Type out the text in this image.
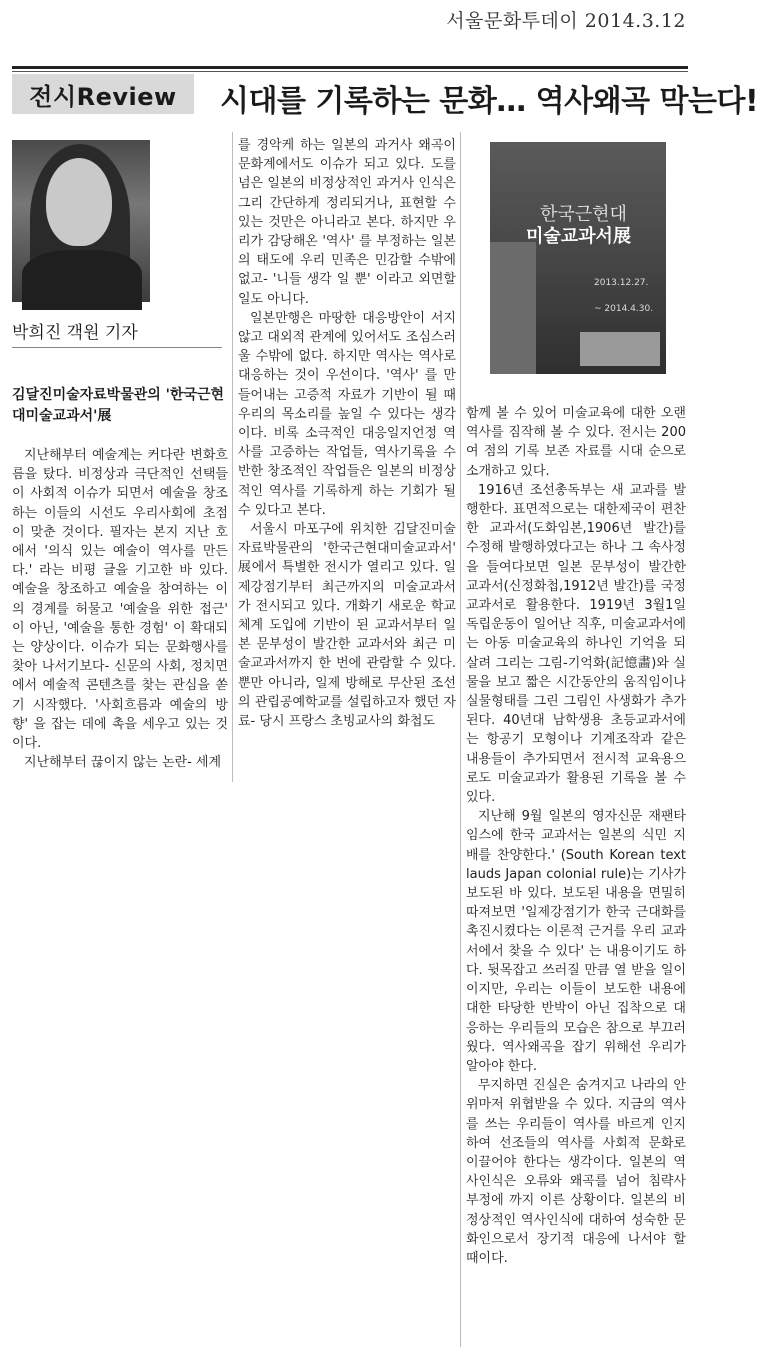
서울문화투데이 2014.3.12
전시Review	시대를 기록하는 문화… 역사왜곡 막는다!
박희진 객원 기자
김달진미술자료박물관의 '한국근현대미술교과서'展

지난해부터 예술계는 커다란 변화흐름을 탔다. 비정상과 극단적인 선택들이 사회적 이슈가 되면서 예술을 창조하는 이들의 시선도 우리사회에 초점이 맞춘 것이다. 필자는 본지 지난 호에서 '의식 있는 예술이 역사를 만든다.' 라는 비평 글을 기고한 바 있다. 예술을 창조하고 예술을 참여하는 이의 경계를 허물고 '예술을 위한 접근' 이 아닌, '예술을 통한 경험' 이 확대되는 양상이다. 이슈가 되는 문화행사를 찾아 나서기보다- 신문의 사회, 정치면에서 예술적 콘텐츠를 찾는 관심을 쏟기 시작했다. '사회흐름과 예술의 방향' 을 잡는 데에 촉을 세우고 있는 것이다.

지난해부터 끊이지 않는 논란- 세계

를 경악케 하는 일본의 과거사 왜곡이 문화계에서도 이슈가 되고 있다. 도를 넘은 일본의 비정상적인 과거사 인식은 그리 간단하게 정리되거나, 표현할 수 있는 것만은 아니라고 본다. 하지만 우리가 감당해온 '역사' 를 부정하는 일본의 태도에 우리 민족은 민감할 수밖에 없고- '니들 생각 일 뿐' 이라고 외면할 일도 아니다.

일본만행은 마땅한 대응방안이 서지 않고 대외적 관계에 있어서도 조심스러울 수밖에 없다. 하지만 역사는 역사로 대응하는 것이 우선이다. '역사' 를 만들어내는 고증적 자료가 기반이 될 때 우리의 목소리를 높일 수 있다는 생각이다. 비록 소극적인 대응일지언정 역사를 고증하는 작업들, 역사기록을 수반한 창조적인 작업들은 일본의 비정상적인 역사를 기록하게 하는 기회가 될 수 있다고 본다.

서울시 마포구에 위치한 김달진미술자료박물관의 '한국근현대미술교과서' 展에서 특별한 전시가 열리고 있다. 일제강점기부터 최근까지의 미술교과서가 전시되고 있다. 개화기 새로운 학교체계 도입에 기반이 된 교과서부터 일본 문부성이 발간한 교과서와 최근 미술교과서까지 한 번에 관람할 수 있다. 뿐만 아니라, 일제 방해로 무산된 조선의 관립공예학교를 설립하고자 했던 자료- 당시 프랑스 초빙교사의 화첩도

한국근현대
미술교과서展
2013.12.27.
~ 2014.4.30.

함께 볼 수 있어 미술교육에 대한 오랜 역사를 짐작해 볼 수 있다. 전시는 200여 점의 기록 보존 자료를 시대 순으로 소개하고 있다.

1916년 조선총독부는 새 교과를 발행한다. 표면적으로는 대한제국이 편찬한 교과서(도화임본,1906년 발간)를 수정해 발행하였다고는 하나 그 속사정을 들여다보면 일본 문부성이 발간한 교과서(신정화첩,1912년 발간)를 국정교과서로 활용한다. 1919년 3월1일 독립운동이 일어난 직후, 미술교과서에는 아동 미술교육의 하나인 기억을 되살려 그리는 그림-기억화(記憶畵)와 실물을 보고 짧은 시간동안의 움직임이나 실물형태를 그린 그림인 사생화가 추가된다. 40년대 남학생용 초등교과서에는 항공기 모형이나 기계조작과 같은 내용들이 추가되면서 전시적 교육용으로도 미술교과가 활용된 기록을 볼 수 있다.

지난해 9월 일본의 영자신문 재팬타임스에 한국 교과서는 일본의 식민 지배를 찬양한다.' (South Korean text lauds Japan colonial rule)는 기사가 보도된 바 있다. 보도된 내용을 면밀히 따져보면 '일제강점기가 한국 근대화를 촉진시켰다는 이론적 근거를 우리 교과서에서 찾을 수 있다' 는 내용이기도 하다. 뒷목잡고 쓰러질 만큼 열 받을 일이이지만, 우리는 이들이 보도한 내용에 대한 타당한 반박이 아닌 집착으로 대응하는 우리들의 모습은 참으로 부끄러웠다. 역사왜곡을 잡기 위해선 우리가 알아야 한다.

무지하면 진실은 숨겨지고 나라의 안위마저 위협받을 수 있다. 지금의 역사를 쓰는 우리들이 역사를 바르게 인지하여 선조들의 역사를 사회적 문화로 이끌어야 한다는 생각이다. 일본의 역사인식은 오류와 왜곡를 넘어 침략사 부정에 까지 이른 상황이다. 일본의 비정상적인 역사인식에 대하여 성숙한 문화인으로서 장기적 대응에 나서야 할 때이다.
